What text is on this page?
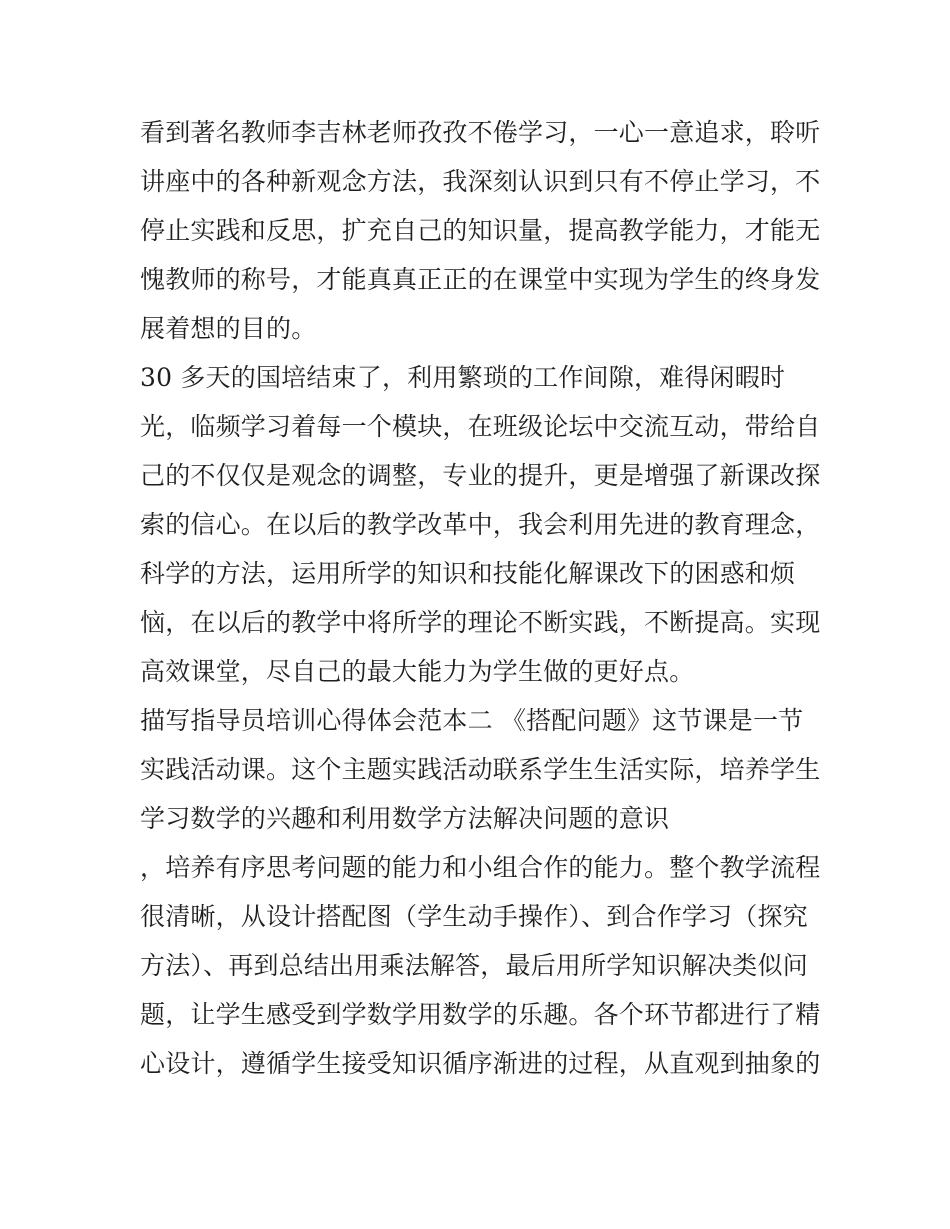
看到著名教师李吉林老师孜孜不倦学习，一心一意追求，聆听
讲座中的各种新观念方法，我深刻认识到只有不停止学习，不
停止实践和反思，扩充自己的知识量，提高教学能力，才能无
愧教师的称号，才能真真正正的在课堂中实现为学生的终身发
展着想的目的。
30 多天的国培结束了，利用繁琐的工作间隙，难得闲暇时
光，临频学习着每一个模块，在班级论坛中交流互动，带给自
己的不仅仅是观念的调整，专业的提升，更是增强了新课改探
索的信心。在以后的教学改革中，我会利用先进的教育理念，
科学的方法，运用所学的知识和技能化解课改下的困惑和烦
恼，在以后的教学中将所学的理论不断实践，不断提高。实现
高效课堂，尽自己的最大能力为学生做的更好点。
描写指导员培训心得体会范本二 《搭配问题》这节课是一节
实践活动课。这个主题实践活动联系学生生活实际，培养学生
学习数学的兴趣和利用数学方法解决问题的意识
，培养有序思考问题的能力和小组合作的能力。整个教学流程
很清晰，从设计搭配图（学生动手操作）、到合作学习（探究
方法）、再到总结出用乘法解答，最后用所学知识解决类似问
题，让学生感受到学数学用数学的乐趣。各个环节都进行了精
心设计，遵循学生接受知识循序渐进的过程，从直观到抽象的
